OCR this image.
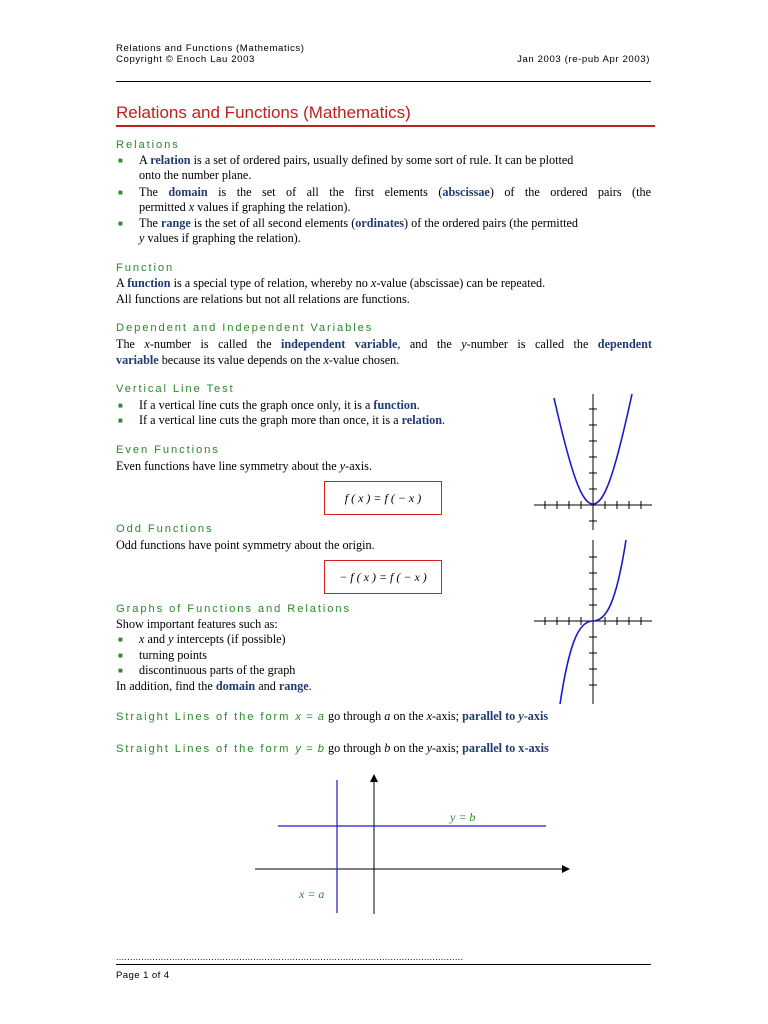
Relations and Functions (Mathematics)
Copyright © Enoch Lau 2003	Jan 2003 (re-pub Apr 2003)
Relations and Functions (Mathematics)
Relations
■ A relation is a set of ordered pairs, usually defined by some sort of rule. It can be plotted
onto the number plane.
■ The domain is the set of all the first elements (abscissae) of the ordered pairs (the
permitted x values if graphing the relation).
■ The range is the set of all second elements (ordinates) of the ordered pairs (the permitted
y values if graphing the relation).
Function
A function is a special type of relation, whereby no x-value (abscissae) can be repeated.
All functions are relations but not all relations are functions.
Dependent and Independent Variables
The x-number is called the independent variable, and the y-number is called the dependent
variable because its value depends on the x-value chosen.
Vertical Line Test
■ If a vertical line cuts the graph once only, it is a function.
■ If a vertical line cuts the graph more than once, it is a relation.
Even Functions
Even functions have line symmetry about the y-axis.
f ( x ) = f ( − x )
Odd Functions
Odd functions have point symmetry about the origin.
− f ( x ) = f ( − x )
Graphs of Functions and Relations
Show important features such as:
■ x and y intercepts (if possible)
■ turning points
■ discontinuous parts of the graph
In addition, find the domain and range.
Straight Lines of the form x = a go through a on the x-axis; parallel to y-axis
Straight Lines of the form y = b go through b on the y-axis; parallel to x-axis
y = b
x = a
............................................................................................................................
Page 1 of 4
